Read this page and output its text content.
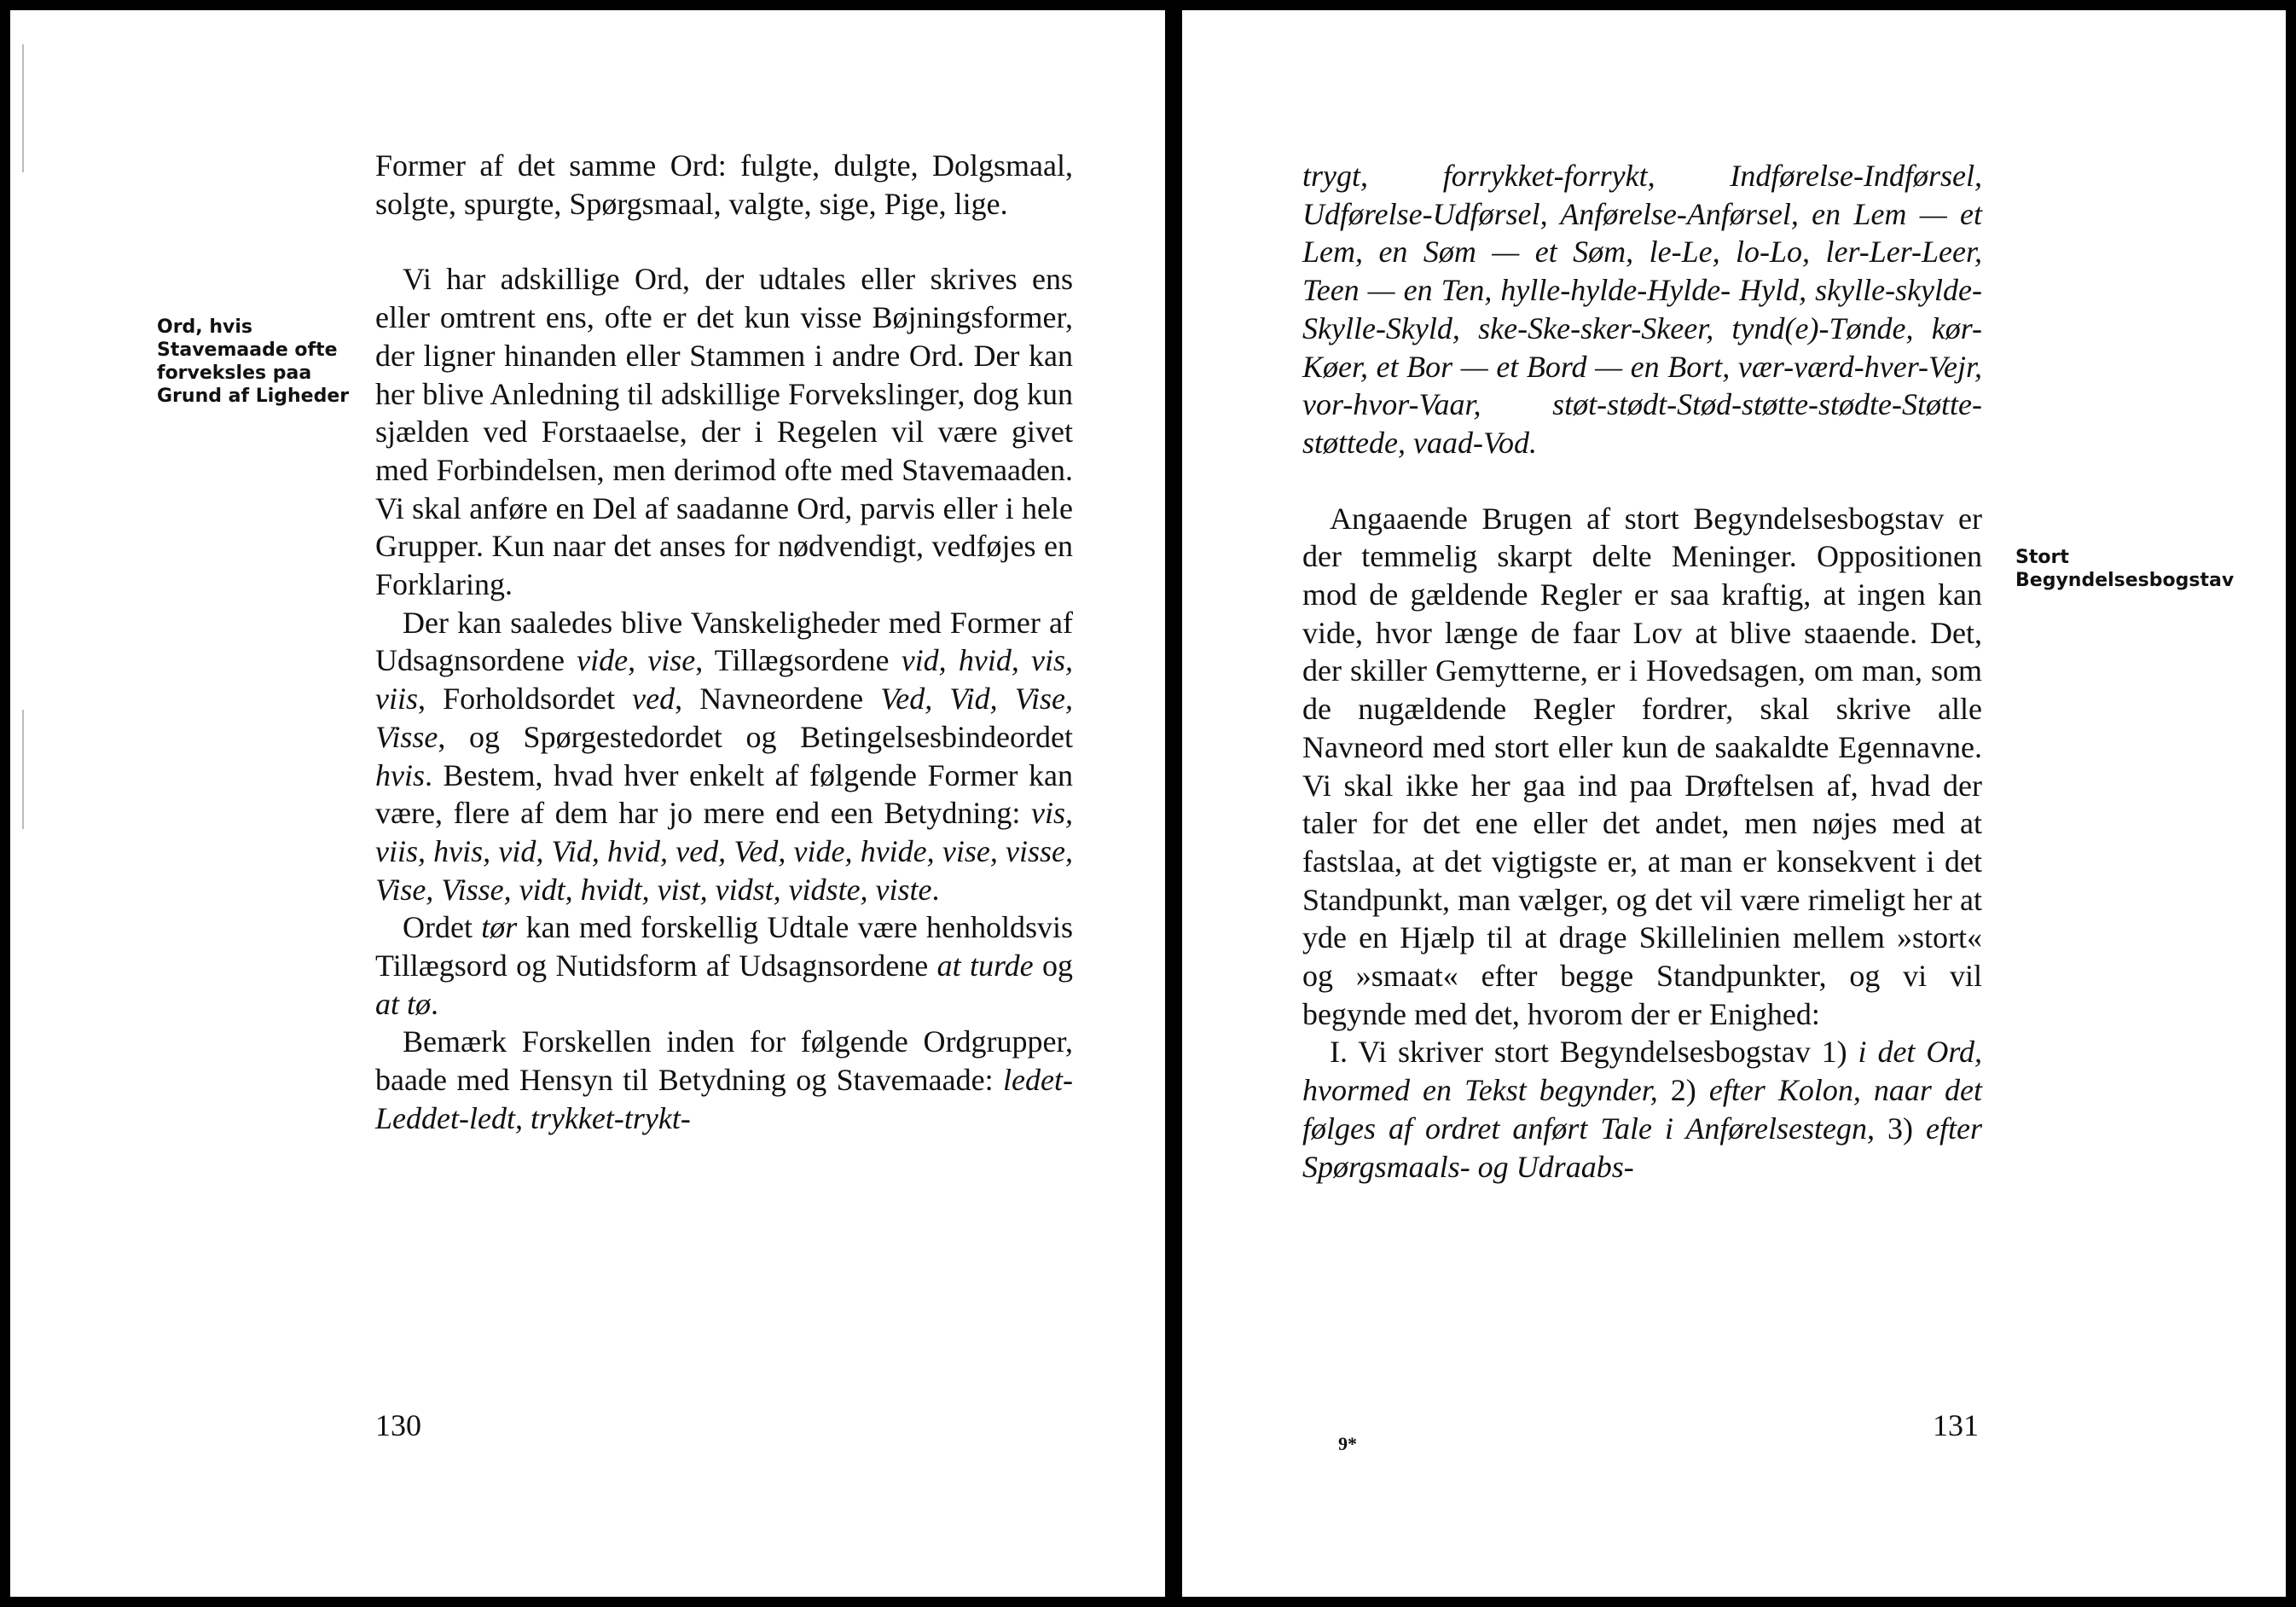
Ord, hvis Stavemaade ofte forveksles paa Grund af Ligheder

Former af det samme Ord: fulgte, dulgte, Dolgsmaal, solgte, spurgte, Spørgsmaal, valgte, sige, Pige, lige.

Vi har adskillige Ord, der udtales eller skrives ens eller omtrent ens, ofte er det kun visse Bøjningsformer, der ligner hinanden eller Stammen i andre Ord. Der kan her blive Anledning til adskillige Forvekslinger, dog kun sjælden ved Forstaaelse, der i Regelen vil være givet med Forbindelsen, men derimod ofte med Stavemaaden. Vi skal anføre en Del af saadanne Ord, parvis eller i hele Grupper. Kun naar det anses for nødvendigt, vedføjes en Forklaring.

Der kan saaledes blive Vanskeligheder med Former af Udsagnsordene vide, vise, Tillægsordene vid, hvid, vis, viis, Forholdsordet ved, Navneordene Ved, Vid, Vise, Visse, og Spørgestedordet og Betingelsesbindeordet hvis. Bestem, hvad hver enkelt af følgende Former kan være, flere af dem har jo mere end een Betydning: vis, viis, hvis, vid, Vid, hvid, ved, Ved, vide, hvide, vise, visse, Vise, Visse, vidt, hvidt, vist, vidst, vidste, viste.

Ordet tør kan med forskellig Udtale være henholdsvis Tillægsord og Nutidsform af Udsagnsordene at turde og at tø.

Bemærk Forskellen inden for følgende Ordgrupper, baade med Hensyn til Betydning og Stavemaade: ledet-Leddet-ledt, trykket-trykt-

130

trygt, forrykket-forrykt, Indførelse-Indførsel, Udførelse-Udførsel, Anførelse-Anførsel, en Lem — et Lem, en Søm — et Søm, le-Le, lo-Lo, ler-Ler-Leer, Teen — en Ten, hylle-hylde-Hylde- Hyld, skylle-skylde-Skylle-Skyld, ske-Ske-sker-Skeer, tynd(e)-Tønde, kør-Køer, et Bor — et Bord — en Bort, vær-værd-hver-Vejr, vor-hvor-Vaar, støt-stødt-Stød-støtte-stødte-Støtte-støttede, vaad-Vod.

Angaaende Brugen af stort Begyndelsesbogstav er der temmelig skarpt delte Meninger. Oppositionen mod de gældende Regler er saa kraftig, at ingen kan vide, hvor længe de faar Lov at blive staaende. Det, der skiller Gemytterne, er i Hovedsagen, om man, som de nugældende Regler fordrer, skal skrive alle Navneord med stort eller kun de saakaldte Egennavne. Vi skal ikke her gaa ind paa Drøftelsen af, hvad der taler for det ene eller det andet, men nøjes med at fastslaa, at det vigtigste er, at man er konsekvent i det Standpunkt, man vælger, og det vil være rimeligt her at yde en Hjælp til at drage Skillelinien mellem »stort« og »smaat« efter begge Standpunkter, og vi vil begynde med det, hvorom der er Enighed:

I. Vi skriver stort Begyndelsesbogstav 1) i det Ord, hvormed en Tekst begynder, 2) efter Kolon, naar det følges af ordret anført Tale i Anførelsestegn, 3) efter Spørgsmaals- og Udraabs-

Stort Begyndelsesbogstav
9*
131
